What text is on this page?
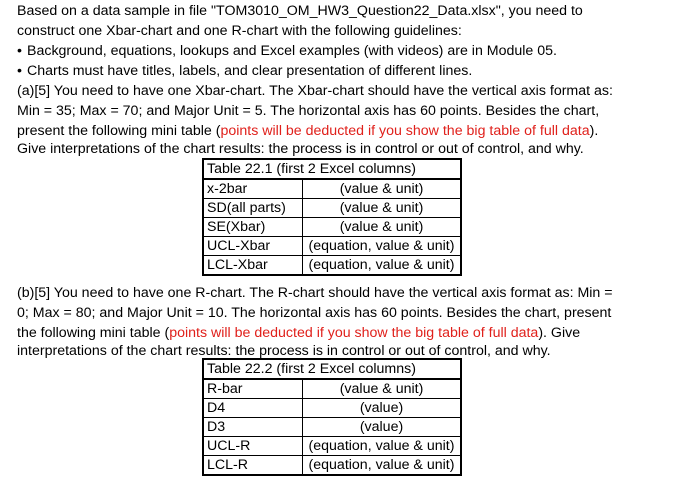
Based on a data sample in file "TOM3010_OM_HW3_Question22_Data.xlsx", you need to
construct one Xbar-chart and one R-chart with the following guidelines:
• Background, equations, lookups and Excel examples (with videos) are in Module 05.
• Charts must have titles, labels, and clear presentation of different lines.
(a)[5] You need to have one Xbar-chart. The Xbar-chart should have the vertical axis format as:
Min = 35; Max = 70; and Major Unit = 5. The horizontal axis has 60 points. Besides the chart,
present the following mini table (points will be deducted if you show the big table of full data).
Give interpretations of the chart results: the process is in control or out of control, and why.
Table 22.1 (first 2 Excel columns)	
x-2bar	(value & unit)
SD(all parts)	(value & unit)
SE(Xbar)	(value & unit)
UCL-Xbar	(equation, value & unit)
LCL-Xbar	(equation, value & unit)
(b)[5] You need to have one R-chart. The R-chart should have the vertical axis format as: Min =
0; Max = 80; and Major Unit = 10. The horizontal axis has 60 points. Besides the chart, present
the following mini table (points will be deducted if you show the big table of full data). Give
interpretations of the chart results: the process is in control or out of control, and why.
Table 22.2 (first 2 Excel columns)	
R-bar	(value & unit)
D4	(value)
D3	(value)
UCL-R	(equation, value & unit)
LCL-R	(equation, value & unit)
